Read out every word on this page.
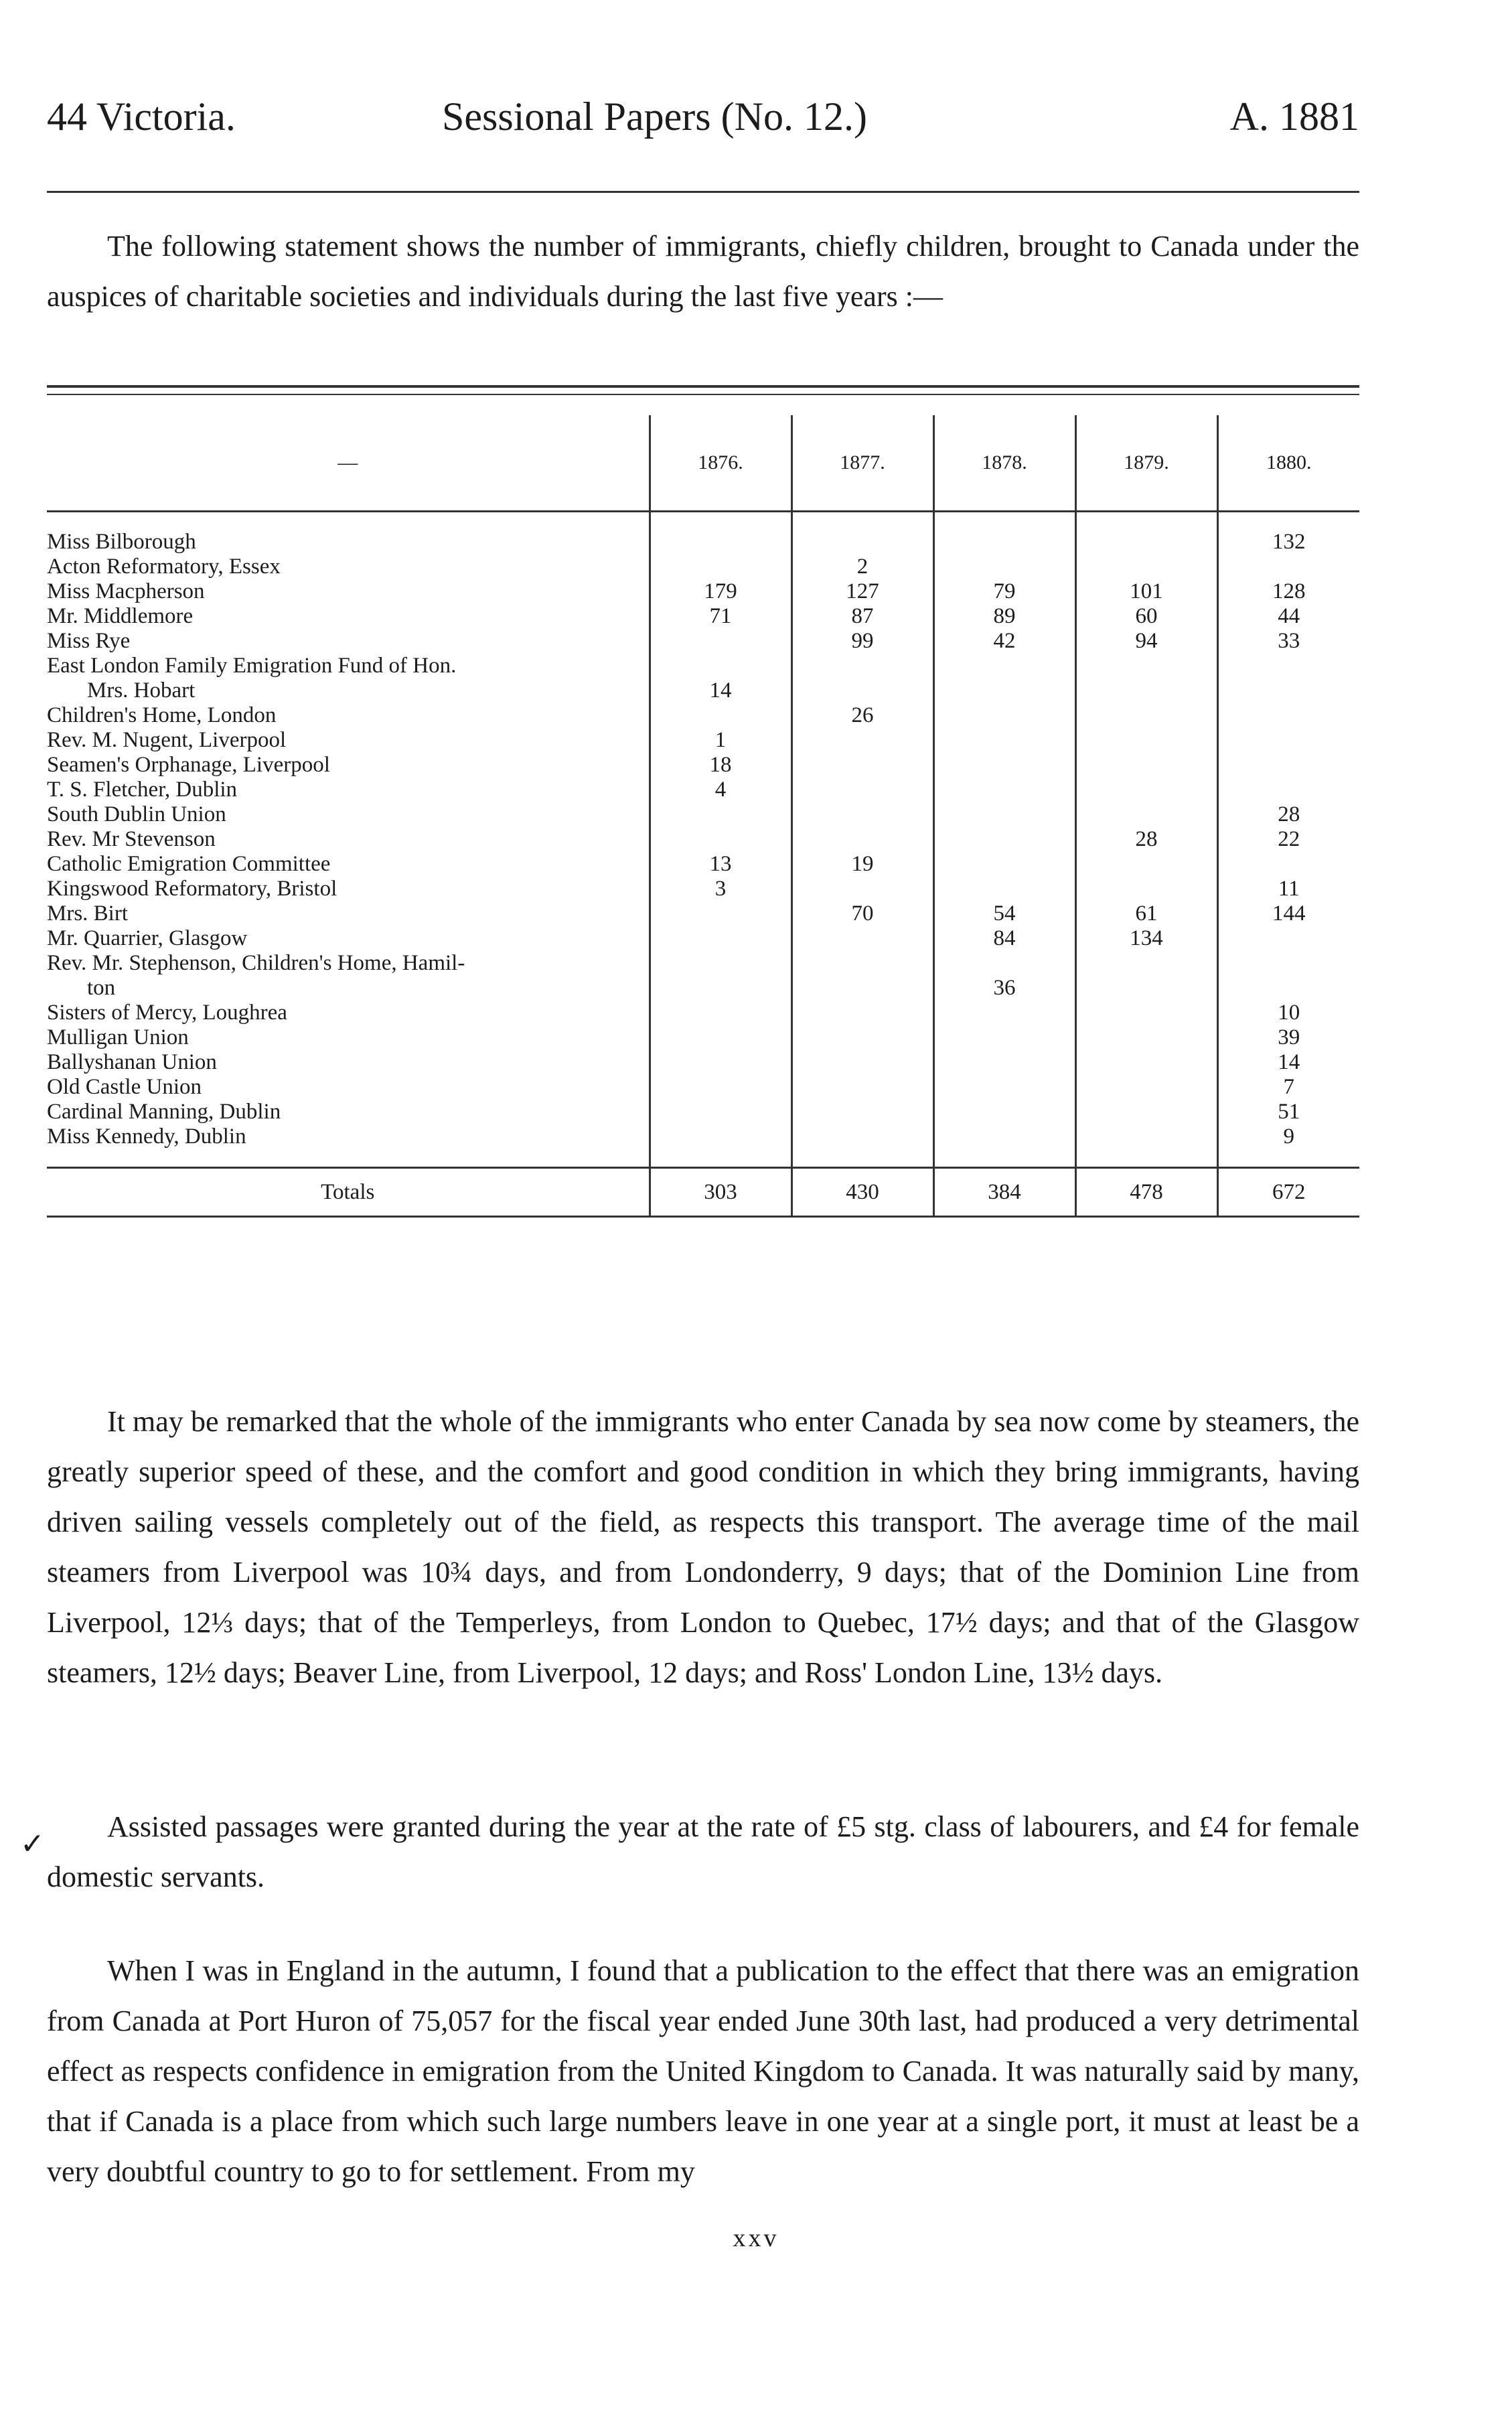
44 Victoria.	Sessional Papers (No. 12.)	A. 1881

The following statement shows the number of immigrants, chiefly children, brought to Canada under the auspices of charitable societies and individuals during the last five years :—

—	1876.	1877.	1878.	1879.	1880.

Miss Bilborough					132
Acton Reformatory, Essex		2			
Miss Macpherson	179	127	79	101	128
Mr. Middlemore	71	87	89	60	44
Miss Rye		99	42	94	33
East London Family Emigration Fund of Hon.					
Mrs. Hobart	14				
Children's Home, London		26			
Rev. M. Nugent, Liverpool	1				
Seamen's Orphanage, Liverpool	18				
T. S. Fletcher, Dublin	4				
South Dublin Union					28
Rev. Mr Stevenson				28	22
Catholic Emigration Committee	13	19			
Kingswood Reformatory, Bristol	3				11
Mrs. Birt		70	54	61	144
Mr. Quarrier, Glasgow			84	134	
Rev. Mr. Stephenson, Children's Home, Hamil-					
ton			36		
Sisters of Mercy, Loughrea					10
Mulligan Union					39
Ballyshanan Union					14
Old Castle Union					7
Cardinal Manning, Dublin					51
Miss Kennedy, Dublin					9

Totals	303	430	384	478	672

It may be remarked that the whole of the immigrants who enter Canada by sea now come by steamers, the greatly superior speed of these, and the comfort and good condition in which they bring immigrants, having driven sailing vessels completely out of the field, as respects this transport. The average time of the mail steamers from Liverpool was 10¾ days, and from Londonderry, 9 days; that of the Dominion Line from Liverpool, 12⅓ days; that of the Temperleys, from London to Quebec, 17½ days; and that of the Glasgow steamers, 12½ days; Beaver Line, from Liverpool, 12 days; and Ross' London Line, 13½ days.

✓

Assisted passages were granted during the year at the rate of £5 stg. class of labourers, and £4 for female domestic servants.

When I was in England in the autumn, I found that a publication to the effect that there was an emigration from Canada at Port Huron of 75,057 for the fiscal year ended June 30th last, had produced a very detrimental effect as respects confidence in emigration from the United Kingdom to Canada. It was naturally said by many, that if Canada is a place from which such large numbers leave in one year at a single port, it must at least be a very doubtful country to go to for settlement. From my

xxv
